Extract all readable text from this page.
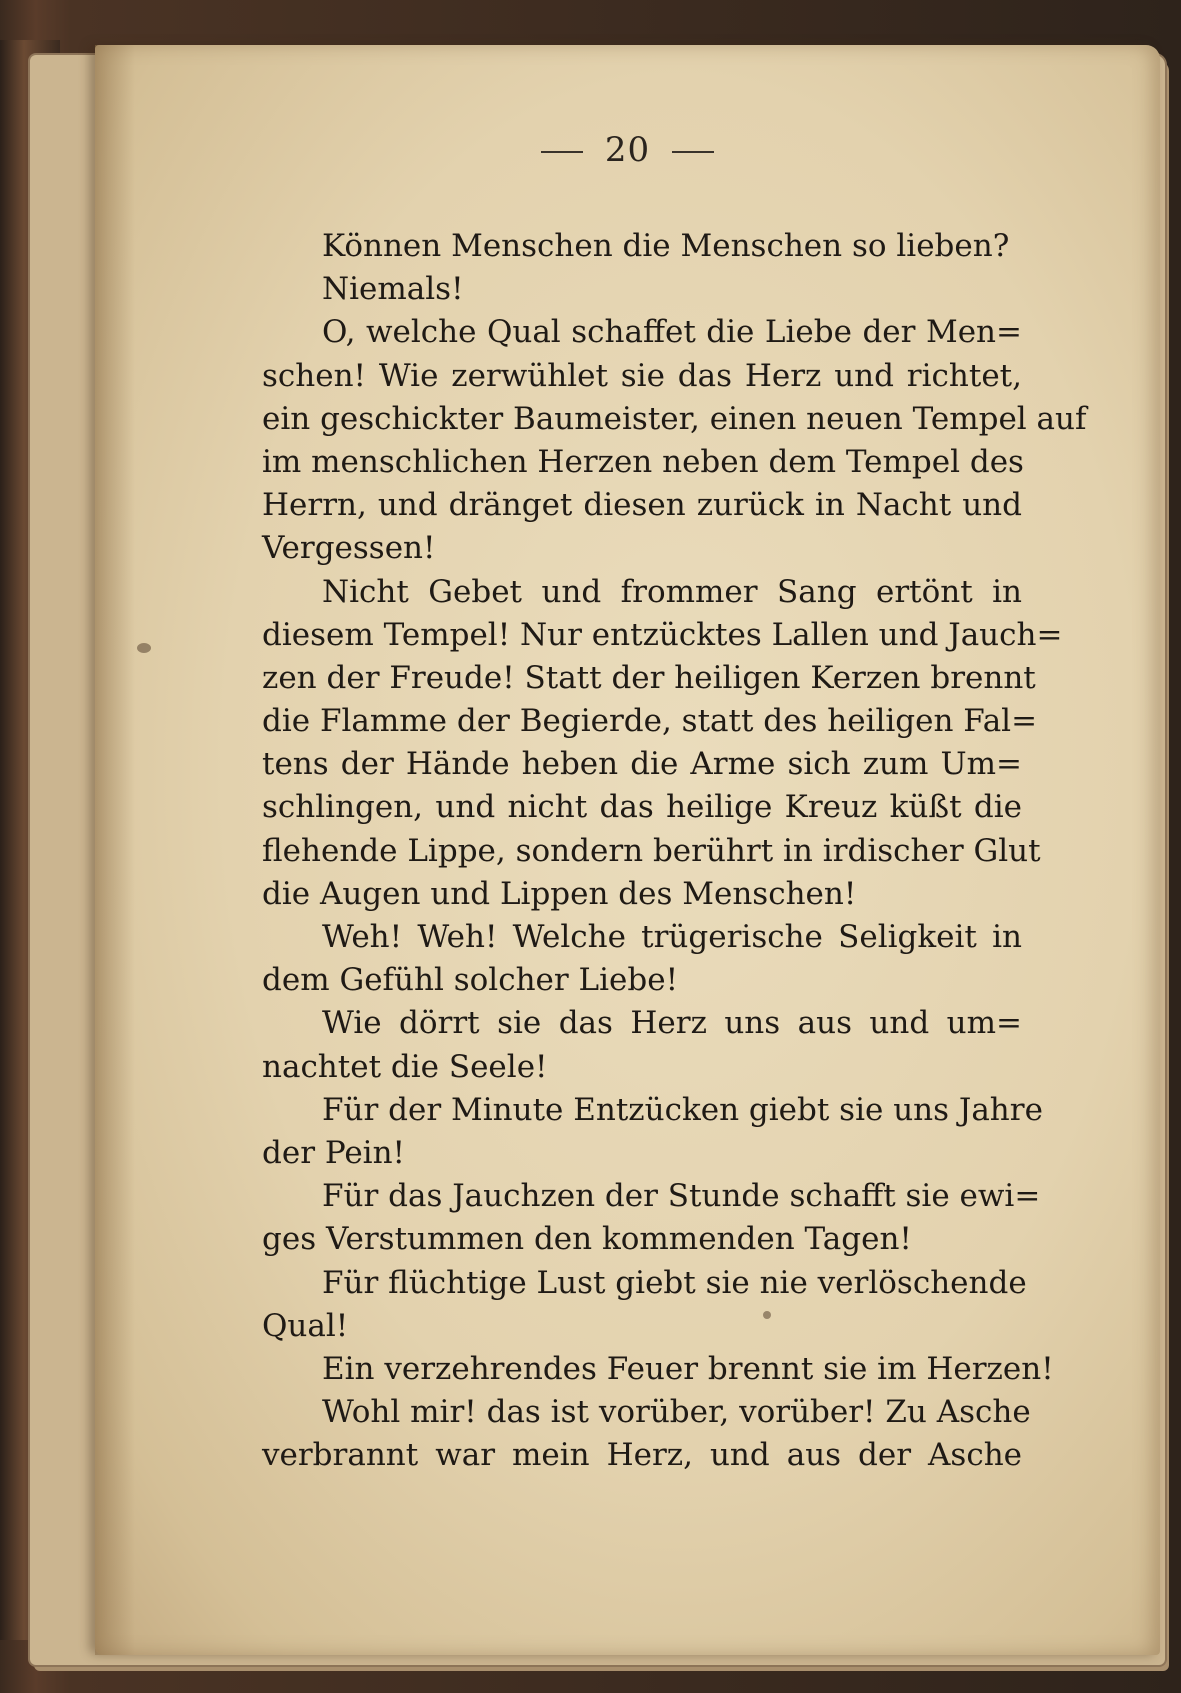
20
Können Menschen die Menschen so lieben?
Niemals!
O, welche Qual schaffet die Liebe der Men=
schen! Wie zerwühlet sie das Herz und richtet,
ein geschickter Baumeister, einen neuen Tempel auf
im menschlichen Herzen neben dem Tempel des
Herrn, und dränget diesen zurück in Nacht und
Vergessen!
Nicht Gebet und frommer Sang ertönt in
diesem Tempel! Nur entzücktes Lallen und Jauch=
zen der Freude! Statt der heiligen Kerzen brennt
die Flamme der Begierde, statt des heiligen Fal=
tens der Hände heben die Arme sich zum Um=
schlingen, und nicht das heilige Kreuz küßt die
flehende Lippe, sondern berührt in irdischer Glut
die Augen und Lippen des Menschen!
Weh! Weh! Welche trügerische Seligkeit in
dem Gefühl solcher Liebe!
Wie dörrt sie das Herz uns aus und um=
nachtet die Seele!
Für der Minute Entzücken giebt sie uns Jahre
der Pein!
Für das Jauchzen der Stunde schafft sie ewi=
ges Verstummen den kommenden Tagen!
Für flüchtige Lust giebt sie nie verlöschende
Qual!
Ein verzehrendes Feuer brennt sie im Herzen!
Wohl mir! das ist vorüber, vorüber! Zu Asche
verbrannt war mein Herz, und aus der Asche
